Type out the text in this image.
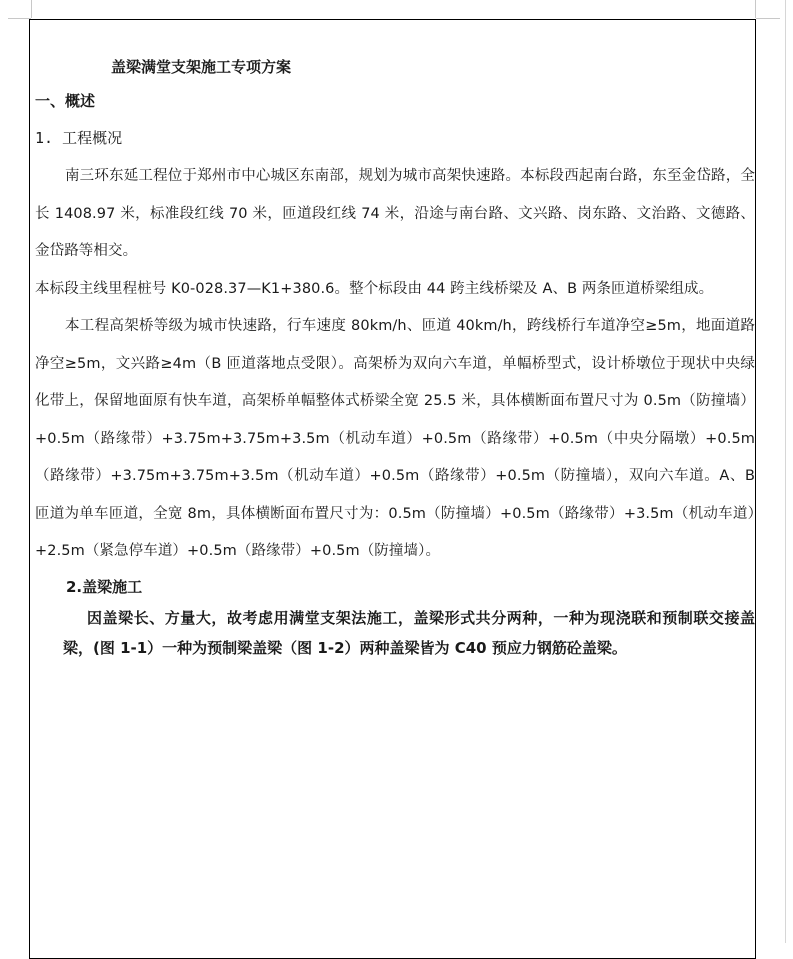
盖梁满堂支架施工专项方案
一、概述
1. 工程概况
南三环东延工程位于郑州市中心城区东南部，规划为城市高架快速路。本标段西起南台路，东至金岱路，全长 1408.97 米，标准段红线 70 米，匝道段红线 74 米，沿途与南台路、文兴路、岗东路、文治路、文德路、金岱路等相交。
本标段主线里程桩号 K0-028.37—K1+380.6。整个标段由 44 跨主线桥梁及 A、B 两条匝道桥梁组成。
本工程高架桥等级为城市快速路，行车速度 80km/h、匝道 40km/h，跨线桥行车道净空≥5m，地面道路净空≥5m，文兴路≥4m（B 匝道落地点受限）。高架桥为双向六车道，单幅桥型式，设计桥墩位于现状中央绿化带上，保留地面原有快车道，高架桥单幅整体式桥梁全宽 25.5 米，具体横断面布置尺寸为 0.5m（防撞墙）+0.5m（路缘带）+3.75m+3.75m+3.5m（机动车道）+0.5m（路缘带）+0.5m（中央分隔墩）+0.5m（路缘带）+3.75m+3.75m+3.5m（机动车道）+0.5m（路缘带）+0.5m（防撞墙），双向六车道。A、B 匝道为单车匝道，全宽 8m，具体横断面布置尺寸为：0.5m（防撞墙）+0.5m（路缘带）+3.5m（机动车道）+2.5m（紧急停车道）+0.5m（路缘带）+0.5m（防撞墙）。
2.盖梁施工
因盖梁长、方量大，故考虑用满堂支架法施工，盖梁形式共分两种，一种为现浇联和预制联交接盖梁，(图 1-1）一种为预制梁盖梁（图 1-2）两种盖梁皆为 C40 预应力钢筋砼盖梁。
